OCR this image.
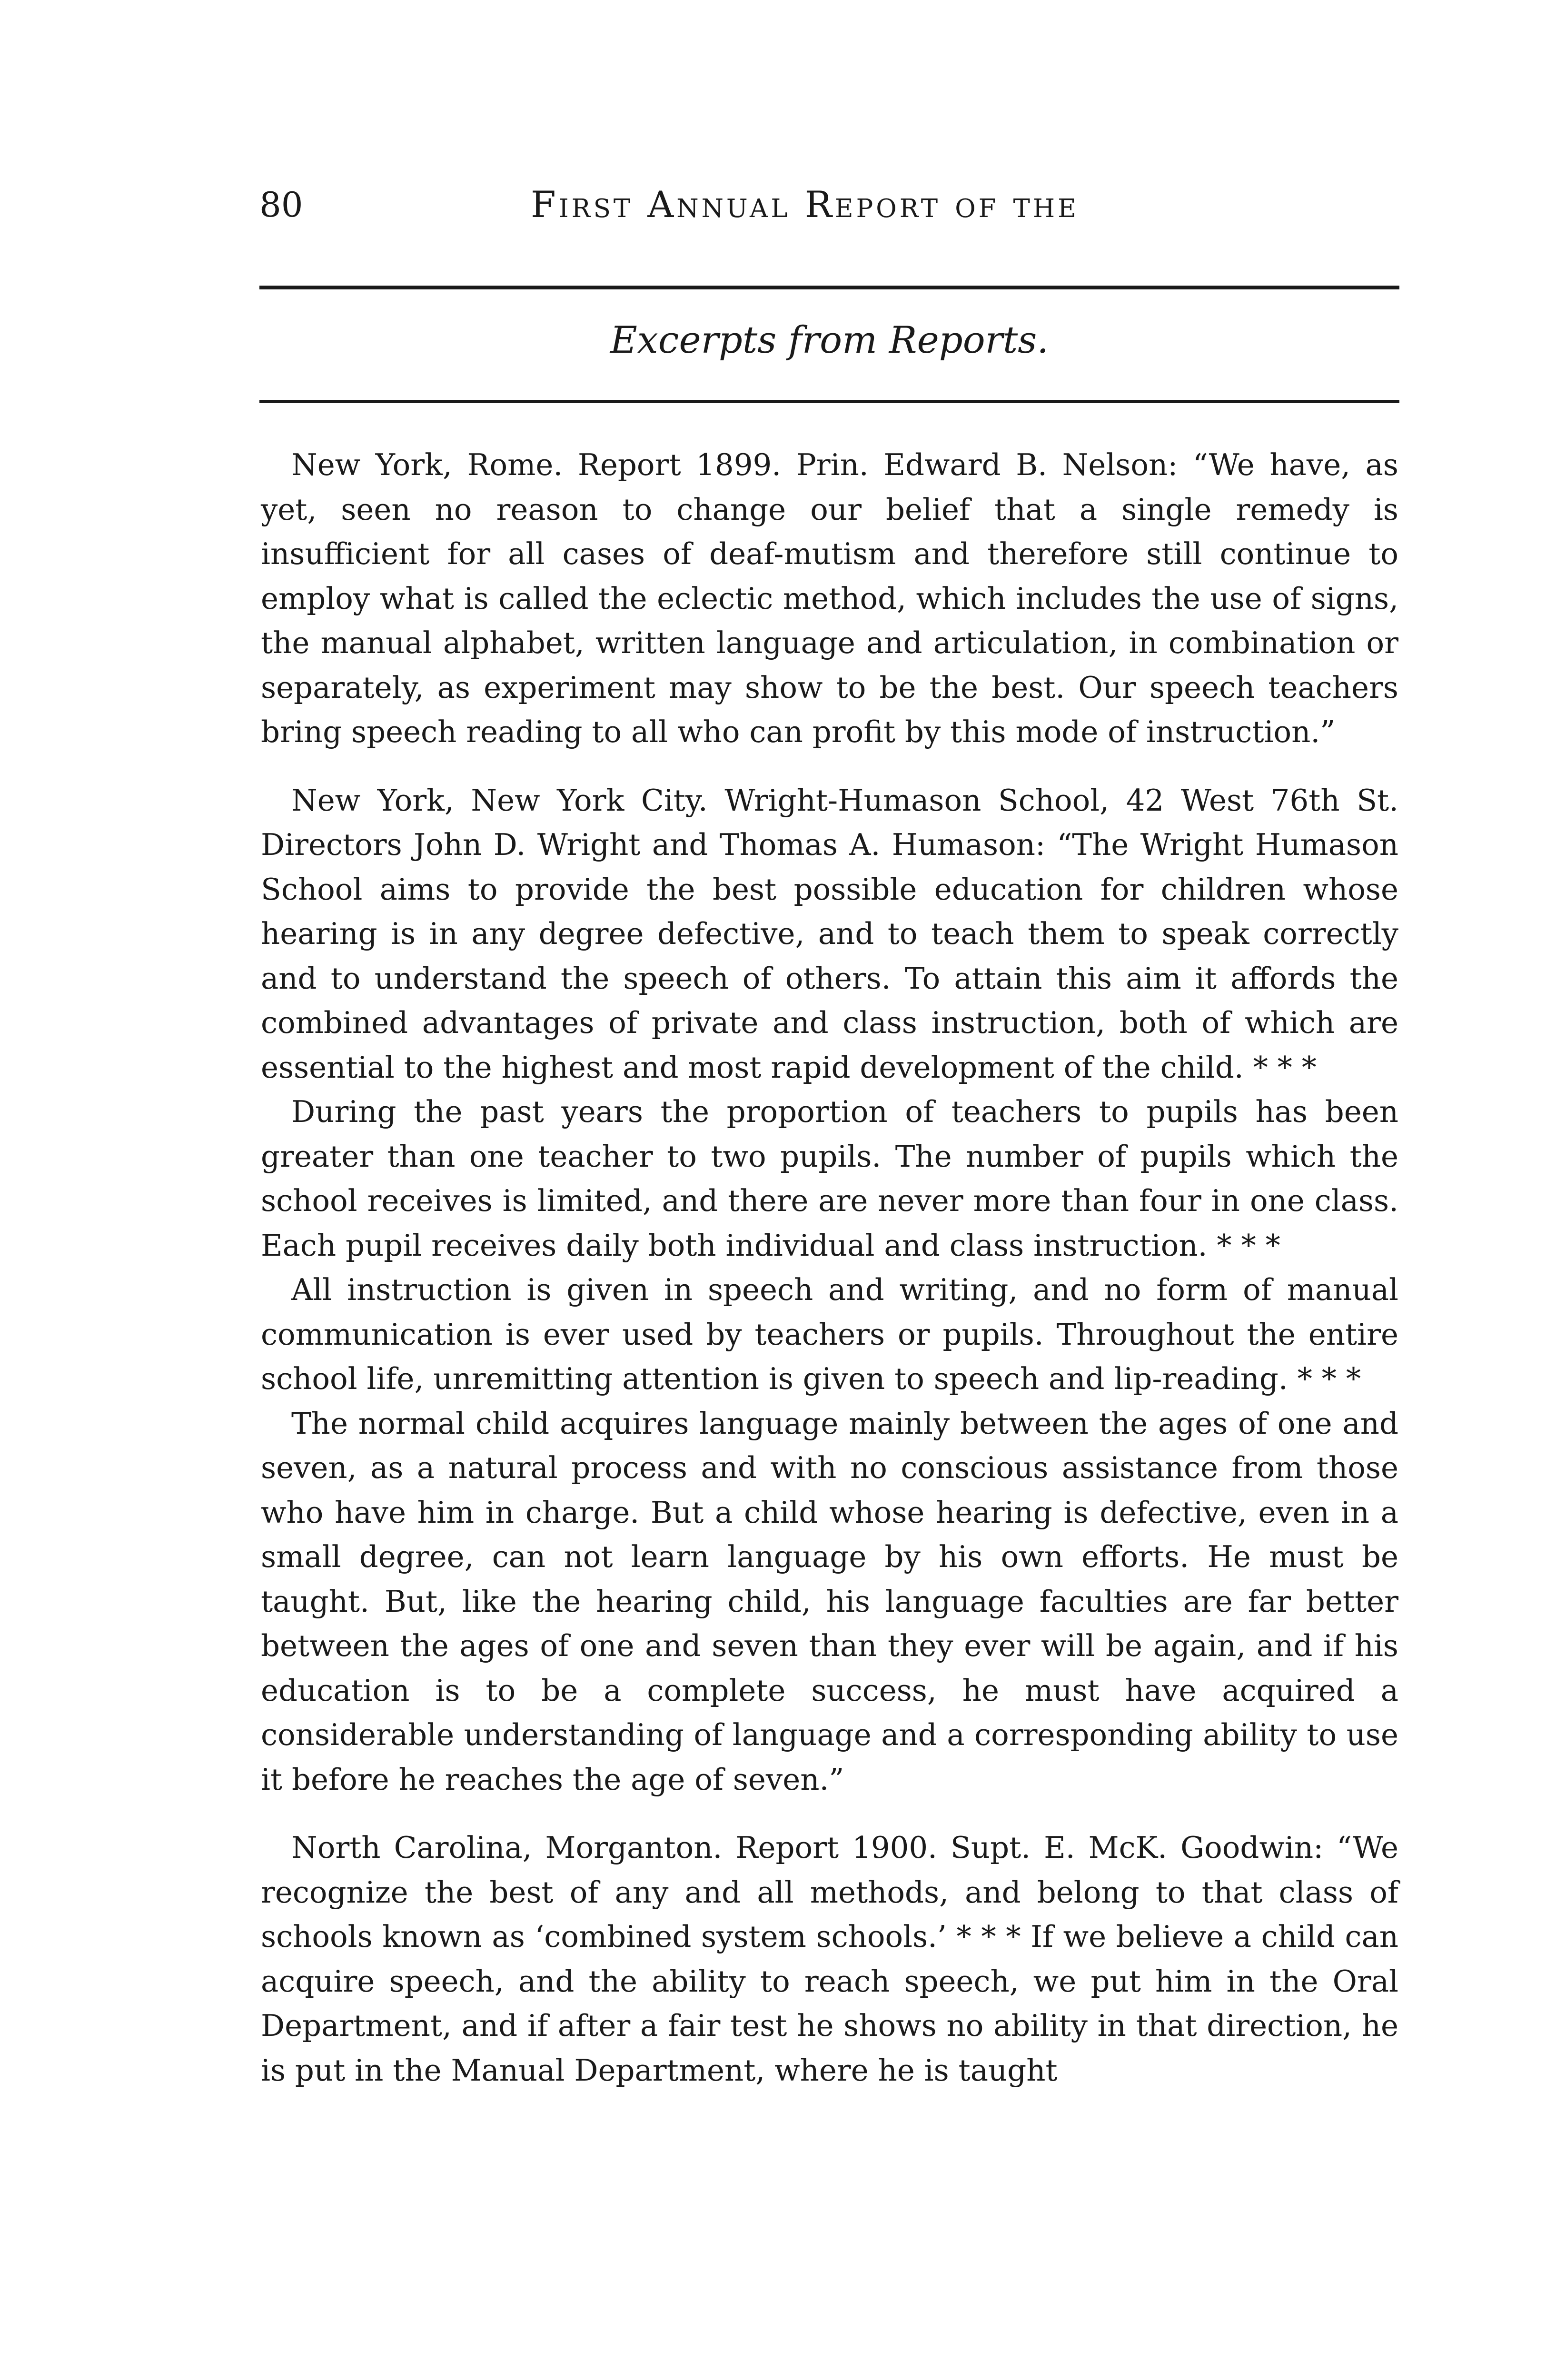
80	First Annual Report of the
Excerpts from Reports.

New York, Rome. Report 1899. Prin. Edward B. Nelson: “We have, as yet, seen no reason to change our belief that a single remedy is insufficient for all cases of deaf-mutism and therefore still continue to employ what is called the eclectic method, which includes the use of signs, the manual alphabet, written language and articulation, in combination or separately, as experiment may show to be the best. Our speech teachers bring speech reading to all who can profit by this mode of instruction.”

New York, New York City. Wright-Humason School, 42 West 76th St. Directors John D. Wright and Thomas A. Humason: “The Wright Humason School aims to provide the best possible education for children whose hearing is in any degree defective, and to teach them to speak correctly and to understand the speech of others. To attain this aim it affords the combined advantages of private and class instruction, both of which are essential to the highest and most rapid development of the child. * * *

During the past years the proportion of teachers to pupils has been greater than one teacher to two pupils. The number of pupils which the school receives is limited, and there are never more than four in one class. Each pupil receives daily both individual and class instruction. * * *

All instruction is given in speech and writing, and no form of manual communication is ever used by teachers or pupils. Throughout the entire school life, unremitting attention is given to speech and lip-reading. * * *

The normal child acquires language mainly between the ages of one and seven, as a natural process and with no conscious assistance from those who have him in charge. But a child whose hearing is defective, even in a small degree, can not learn language by his own efforts. He must be taught. But, like the hearing child, his language faculties are far better between the ages of one and seven than they ever will be again, and if his education is to be a complete success, he must have acquired a considerable understanding of language and a corresponding ability to use it before he reaches the age of seven.”

North Carolina, Morganton. Report 1900. Supt. E. McK. Goodwin: “We recognize the best of any and all methods, and belong to that class of schools known as ‘combined system schools.’ * * * If we believe a child can acquire speech, and the ability to reach speech, we put him in the Oral Department, and if after a fair test he shows no ability in that direction, he is put in the Manual Department, where he is taught
